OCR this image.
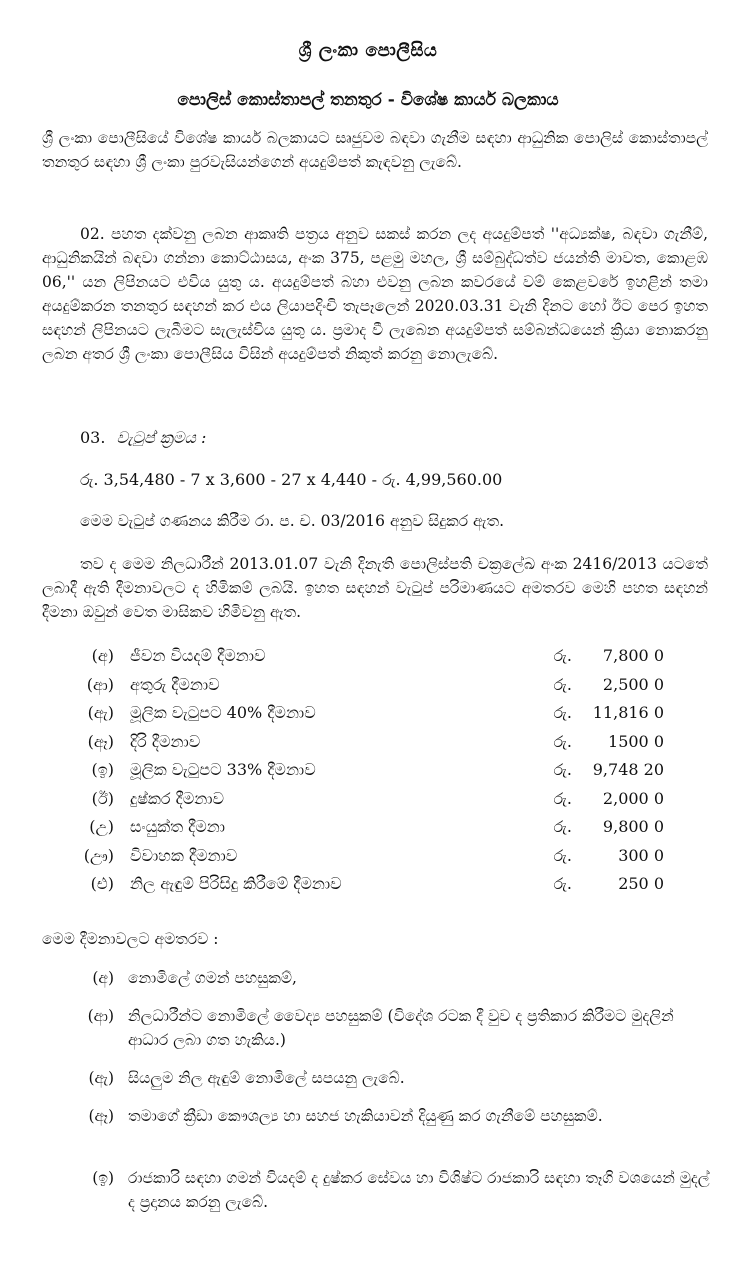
ශ්‍රී ලංකා පොලීසිය
පොලිස් කොස්තාපල් තනතුර - විශේෂ කාර්ය බලකාය

ශ්‍රී ලංකා පොලීසියේ විශේෂ කාර්ය බලකායට සෘජුවම බඳවා ගැනීම සඳහා ආධුනික පොලිස් කොස්තාපල් තනතුර සඳහා ශ්‍රී ලංකා පුරවැසියන්ගෙන් අයදුම්පත් කැඳවනු ලැබේ.

02. පහත දක්වනු ලබන ආකෘති පත්‍රය අනුව සකස් කරන ලද අයදුම්පත් ''අධ්‍යක්ෂ, බඳවා ගැනීම්, ආධුනිකයින් බඳවා ගන්නා කොට්ඨාසය, අංක 375, පළමු මහල, ශ්‍රී සම්බුද්ධත්ව ජයන්ති මාවත, කොළඹ 06,'' යන ලිපිනයට එවිය යුතු ය. අයදුම්පත් බහා එවනු ලබන කවරයේ වම් කෙළවරේ ඉහළින් තමා අයදුම්කරන තනතුර සඳහන් කර එය ලියාපදිංචි තැපෑලෙන් 2020.03.31 වැනි දිනට හෝ ඊට පෙර ඉහත සඳහන් ලිපිනයට ලැබීමට සැලැස්විය යුතු ය. ප්‍රමාද වී ලැබෙන අයදුම්පත් සම්බන්ධයෙන් ක්‍රියා නොකරනු ලබන අතර ශ්‍රී ලංකා පොලීසිය විසින් අයදුම්පත් නිකුත් කරනු නොලැබේ.

03. වැටුප් ක්‍රමය :
රු. 3,54,480 - 7 x 3,600 - 27 x 4,440 - රු. 4,99,560.00
මෙම වැටුප් ගණනය කිරීම රා. ප. ච. 03/2016 අනුව සිදුකර ඇත.

තව ද මෙම නිලධාරීන් 2013.01.07 වැනි දිනැති පොලිස්පති චක්‍රලේඛ අංක 2416/2013 යටතේ ලබාදී ඇති දීමනාවලට ද හිමිකම් ලබයි. ඉහත සඳහන් වැටුප් පරිමාණයට අමතරව මෙහි පහත සඳහන් දීමනා ඔවුන් වෙත මාසිකව හිමිවනු ඇත.

(අ) ජීවන වියදම් දීමනාව	රු. 7,800 0
(ආ) අතුරු දීමනාව	රු. 2,500 0
(ඇ) මූලික වැටුපට 40% දීමනාව	රු. 11,816 0
(ඈ) දිරි දීමනාව	රු. 1500 0
(ඉ) මූලික වැටුපට 33% දීමනාව	රු. 9,748 20
(ඊ) දුෂ්කර දීමනාව	රු. 2,000 0
(උ) සංයුක්ත දීමනා	රු. 9,800 0
(ඌ) විවාහක දීමනාව	රු.	300 0
(එ) නිල ඇඳුම් පිරිසිදු කිරීමේ දීමනාව	රු.	250 0
මෙම දීමනාවලට අමතරව :
(අ) නොමිලේ ගමන් පහසුකම්,
(ආ) නිලධාරීන්ට නොමිලේ වෛද්‍ය පහසුකම් (විදේශ රටක දී වුව ද ප්‍රතිකාර කිරීමට මුදලින් ආධාර ලබා ගත හැකිය.)
(ඇ) සියලුම නිල ඇඳුම් නොමිලේ සපයනු ලැබේ.
(ඈ) තමාගේ ක්‍රීඩා කෞශල්‍ය හා සහජ හැකියාවන් දියුණු කර ගැනීමේ පහසුකම්.
(ඉ) රාජකාරි සඳහා ගමන් වියදම් ද දුෂ්කර සේවය හා විශිෂ්ට රාජකාරි සඳහා තෑගි වශයෙන් මුදල් ද ප්‍රදානය කරනු ලැබේ.
